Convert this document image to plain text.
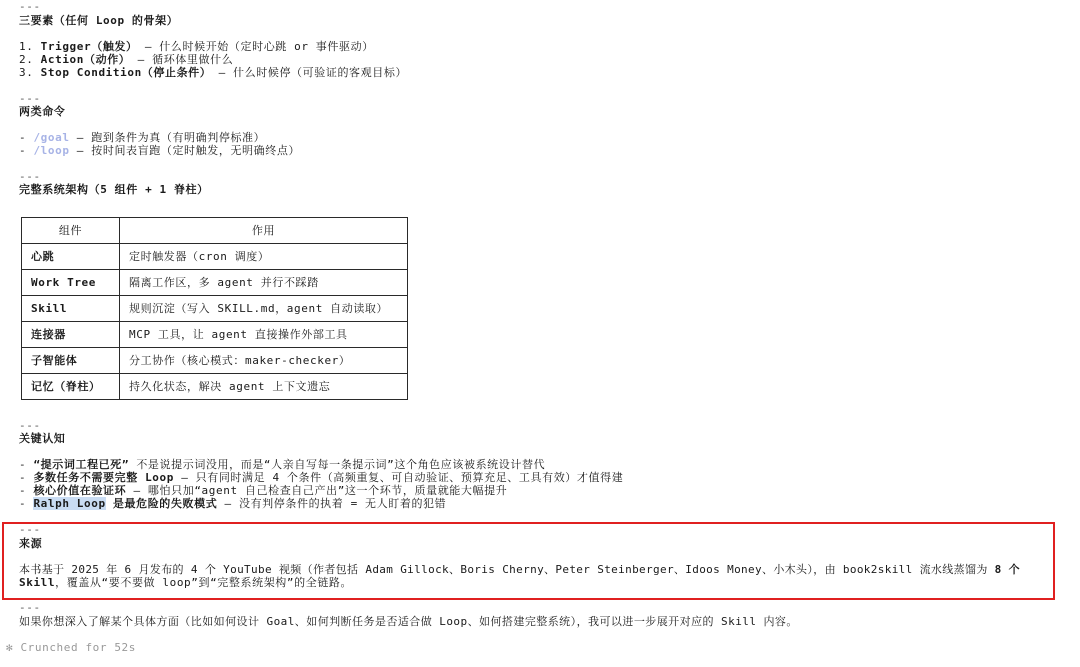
---
三要素（任何 Loop 的骨架）
1. Trigger（触发） — 什么时候开始（定时心跳 or 事件驱动）
2. Action（动作） — 循环体里做什么
3. Stop Condition（停止条件） — 什么时候停（可验证的客观目标）
---
两类命令
- /goal — 跑到条件为真（有明确判停标准）
- /loop — 按时间表盲跑（定时触发，无明确终点）
---
完整系统架构（5 组件 + 1 脊柱）
组件	作用
心跳	定时触发器（cron 调度）
Work Tree	隔离工作区，多 agent 并行不踩踏
Skill	规则沉淀（写入 SKILL.md，agent 自动读取）
连接器	MCP 工具，让 agent 直接操作外部工具
子智能体	分工协作（核心模式：maker-checker）
记忆（脊柱）	持久化状态，解决 agent 上下文遗忘
---
关键认知
- “提示词工程已死” 不是说提示词没用，而是“人亲自写每一条提示词”这个角色应该被系统设计替代
- 多数任务不需要完整 Loop — 只有同时满足 4 个条件（高频重复、可自动验证、预算充足、工具有效）才值得建
- 核心价值在验证环 — 哪怕只加“agent 自己检查自己产出”这一个环节，质量就能大幅提升
- Ralph Loop 是最危险的失败模式 — 没有判停条件的执着 = 无人盯着的犯错
---
来源
本书基于 2025 年 6 月发布的 4 个 YouTube 视频（作者包括 Adam Gillock、Boris Cherny、Peter Steinberger、Idoos Money、小木头），由 book2skill 流水线蒸馏为 8 个
Skill，覆盖从“要不要做 loop”到“完整系统架构”的全链路。
---
如果你想深入了解某个具体方面（比如如何设计 Goal、如何判断任务是否适合做 Loop、如何搭建完整系统），我可以进一步展开对应的 Skill 内容。
✻ Crunched for 52s
